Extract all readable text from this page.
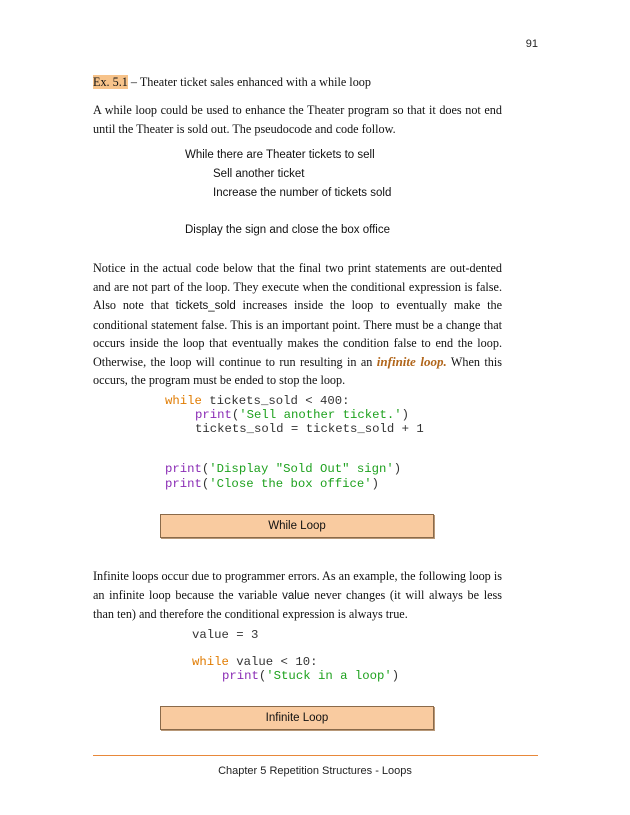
91

Ex. 5.1 – Theater ticket sales enhanced with a while loop

A while loop could be used to enhance the Theater program so that it does not end until the Theater is sold out. The pseudocode and code follow.

While there are Theater tickets to sell
Sell another ticket
Increase the number of tickets sold
Display the sign and close the box office

Notice in the actual code below that the final two print statements are out-dented and are not part of the loop. They execute when the conditional expression is false. Also note that tickets_sold increases inside the loop to eventually make the conditional statement false. This is an important point. There must be a change that occurs inside the loop that eventually makes the condition false to end the loop. Otherwise, the loop will continue to run resulting in an infinite loop. When this occurs, the program must be ended to stop the loop.

while tickets_sold < 400:
print('Sell another ticket.')
tickets_sold = tickets_sold + 1
print('Display "Sold Out" sign')
print('Close the box office')
While Loop

Infinite loops occur due to programmer errors. As an example, the following loop is an infinite loop because the variable value never changes (it will always be less than ten) and therefore the conditional expression is always true.

value = 3
while value < 10:
print('Stuck in a loop')
Infinite Loop
Chapter 5 Repetition Structures - Loops
